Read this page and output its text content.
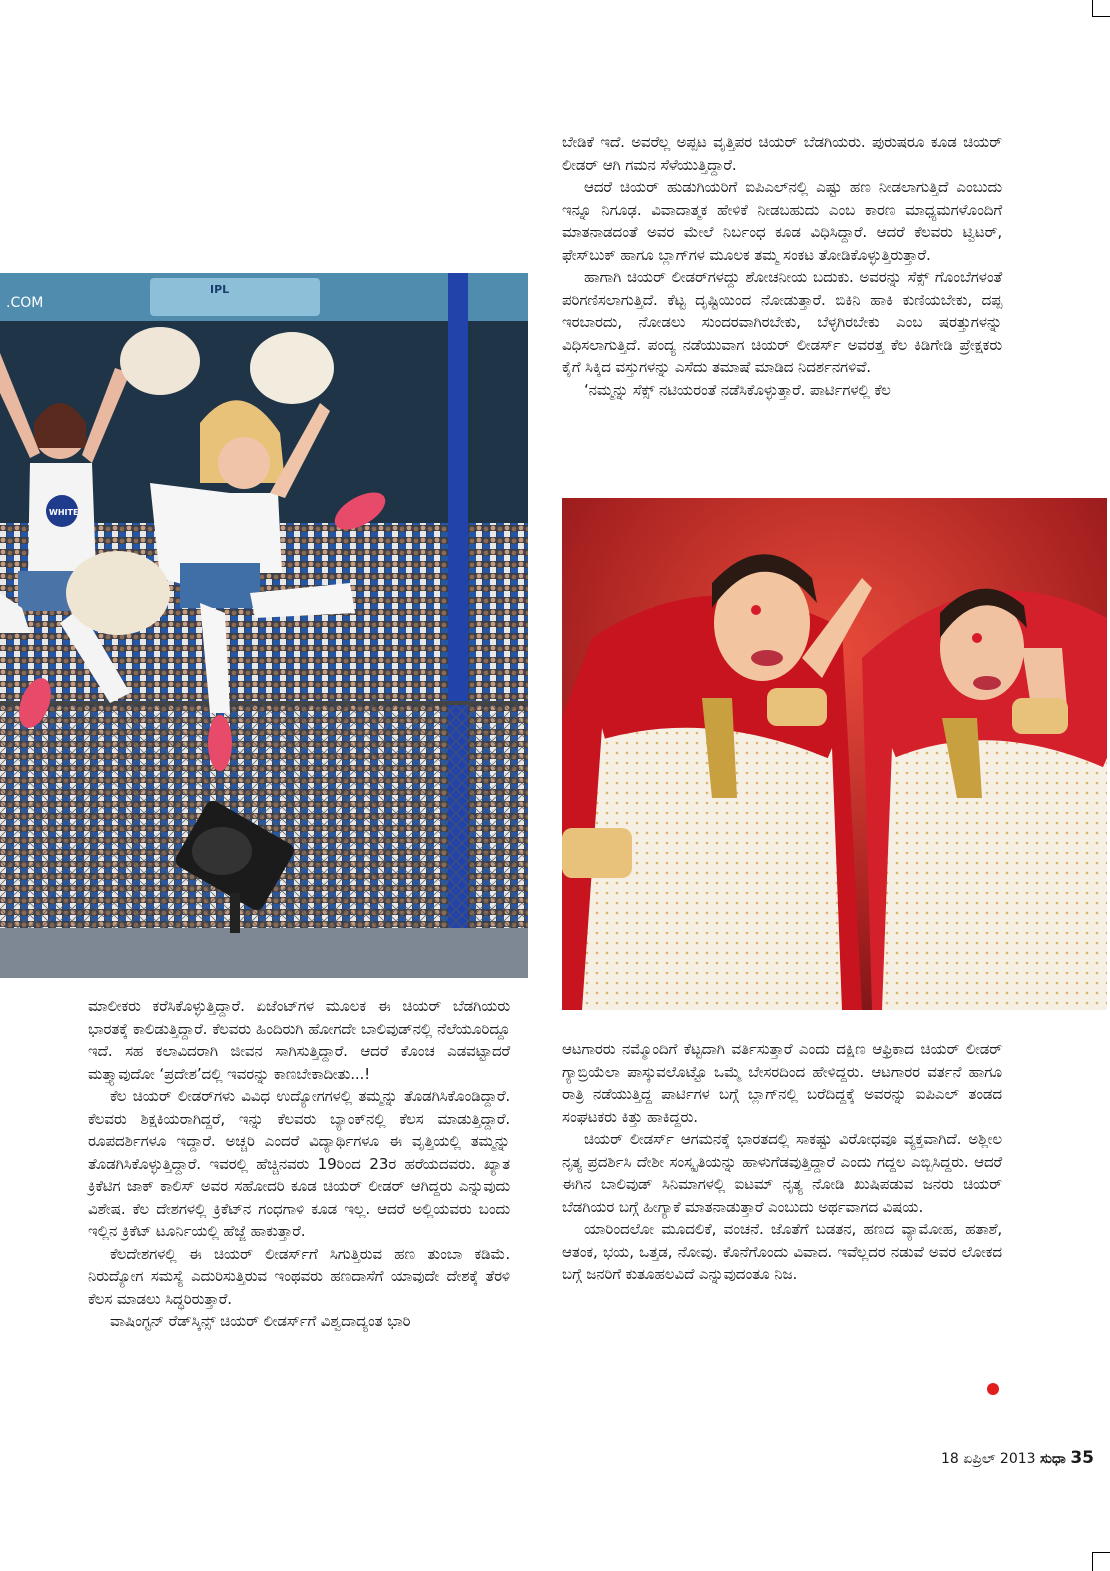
ಬೇಡಿಕೆ ಇದೆ. ಅವರೆಲ್ಲ ಅಪ್ಪಟ ವೃತ್ತಿಪರ ಚಿಯರ್ ಬೆಡಗಿಯರು. ಪುರುಷರೂ ಕೂಡ ಚಿಯರ್ ಲೀಡರ್ ಆಗಿ ಗಮನ ಸೆಳೆಯುತ್ತಿದ್ದಾರೆ.

ಆದರೆ ಚಿಯರ್ ಹುಡುಗಿಯರಿಗೆ ಐಪಿಎಲ್‌ನಲ್ಲಿ ಎಷ್ಟು ಹಣ ನೀಡಲಾಗುತ್ತಿದೆ ಎಂಬುದು ಇನ್ನೂ ನಿಗೂಢ. ವಿವಾದಾತ್ಮಕ ಹೇಳಿಕೆ ನೀಡಬಹುದು ಎಂಬ ಕಾರಣ ಮಾಧ್ಯಮಗಳೊಂದಿಗೆ ಮಾತನಾಡದಂತೆ ಅವರ ಮೇಲೆ ನಿರ್ಬಂಧ ಕೂಡ ವಿಧಿಸಿದ್ದಾರೆ. ಆದರೆ ಕೆಲವರು ಟ್ವಿಟರ್, ಫೇಸ್‌ಬುಕ್ ಹಾಗೂ ಬ್ಲಾಗ್‌ಗಳ ಮೂಲಕ ತಮ್ಮ ಸಂಕಟ ತೋಡಿಕೊಳ್ಳುತ್ತಿರುತ್ತಾರೆ.

ಹಾಗಾಗಿ ಚಿಯರ್ ಲೀಡರ್‌ಗಳದ್ದು ಶೋಚನೀಯ ಬದುಕು. ಅವರನ್ನು ಸೆಕ್ಸ್ ಗೊಂಬೆಗಳಂತೆ ಪರಿಗಣಿಸಲಾಗುತ್ತಿದೆ. ಕೆಟ್ಟ ದೃಷ್ಟಿಯಿಂದ ನೋಡುತ್ತಾರೆ. ಬಿಕಿನಿ ಹಾಕಿ ಕುಣಿಯಬೇಕು, ದಪ್ಪ ಇರಬಾರದು, ನೋಡಲು ಸುಂದರವಾಗಿರಬೇಕು, ಬೆಳ್ಳಗಿರಬೇಕು ಎಂಬ ಷರತ್ತುಗಳನ್ನು ವಿಧಿಸಲಾಗುತ್ತಿದೆ. ಪಂದ್ಯ ನಡೆಯುವಾಗ ಚಿಯರ್ ಲೀಡರ್ಸ್ ಅವರತ್ತ ಕೆಲ ಕಿಡಿಗೇಡಿ ಪ್ರೇಕ್ಷಕರು ಕೈಗೆ ಸಿಕ್ಕಿದ ವಸ್ತುಗಳನ್ನು ಎಸೆದು ತಮಾಷೆ ಮಾಡಿದ ನಿದರ್ಶನಗಳಿವೆ.

‘ನಮ್ಮನ್ನು ಸೆಕ್ಸ್ ನಟಿಯರಂತೆ ನಡೆಸಿಕೊಳ್ಳುತ್ತಾರೆ. ಪಾರ್ಟಿಗಳಲ್ಲಿ ಕೆಲ

.COM
IPL
WHITE

ಮಾಲೀಕರು ಕರೆಸಿಕೊಳ್ಳುತ್ತಿದ್ದಾರೆ. ಏಜೆಂಟ್‌ಗಳ ಮೂಲಕ ಈ ಚಿಯರ್ ಬೆಡಗಿಯರು ಭಾರತಕ್ಕೆ ಕಾಲಿಡುತ್ತಿದ್ದಾರೆ. ಕೆಲವರು ಹಿಂದಿರುಗಿ ಹೋಗದೇ ಬಾಲಿವುಡ್‌ನಲ್ಲಿ ನೆಲೆಯೂರಿದ್ದೂ ಇದೆ. ಸಹ ಕಲಾವಿದರಾಗಿ ಜೀವನ ಸಾಗಿಸುತ್ತಿದ್ದಾರೆ. ಆದರೆ ಕೊಂಚ ಎಡವಟ್ಟಾದರೆ ಮತ್ತ್ಯಾವುದೋ ‘ಪ್ರದೇಶ’ದಲ್ಲಿ ಇವರನ್ನು ಕಾಣಬೇಕಾದೀತು...!

ಕೆಲ ಚಿಯರ್ ಲೀಡರ್‌ಗಳು ವಿವಿಧ ಉದ್ಯೋಗಗಳಲ್ಲಿ ತಮ್ಮನ್ನು ತೊಡಗಿಸಿಕೊಂಡಿದ್ದಾರೆ. ಕೆಲವರು ಶಿಕ್ಷಕಿಯರಾಗಿದ್ದರೆ, ಇನ್ನು ಕೆಲವರು ಬ್ಯಾಂಕ್‌ನಲ್ಲಿ ಕೆಲಸ ಮಾಡುತ್ತಿದ್ದಾರೆ. ರೂಪದರ್ಶಿಗಳೂ ಇದ್ದಾರೆ. ಅಚ್ಚರಿ ಎಂದರೆ ವಿದ್ಯಾರ್ಥಿಗಳೂ ಈ ವೃತ್ತಿಯಲ್ಲಿ ತಮ್ಮನ್ನು ತೊಡಗಿಸಿಕೊಳ್ಳುತ್ತಿದ್ದಾರೆ. ಇವರಲ್ಲಿ ಹೆಚ್ಚಿನವರು 19ರಿಂದ 23ರ ಹರೆಯದವರು. ಖ್ಯಾತ ಕ್ರಿಕೆಟಿಗ ಜಾಕ್ ಕಾಲಿಸ್ ಅವರ ಸಹೋದರಿ ಕೂಡ ಚಿಯರ್ ಲೀಡರ್ ಆಗಿದ್ದರು ಎನ್ನುವುದು ವಿಶೇಷ. ಕೆಲ ದೇಶಗಳಲ್ಲಿ ಕ್ರಿಕೆಟ್‌ನ ಗಂಧಗಾಳಿ ಕೂಡ ಇಲ್ಲ. ಆದರೆ ಅಲ್ಲಿಯವರು ಬಂದು ಇಲ್ಲಿನ ಕ್ರಿಕೆಟ್ ಟೂರ್ನಿಯಲ್ಲಿ ಹೆಜ್ಜೆ ಹಾಕುತ್ತಾರೆ.

ಕೆಲದೇಶಗಳಲ್ಲಿ ಈ ಚಿಯರ್ ಲೀಡರ್ಸ್‌ಗೆ ಸಿಗುತ್ತಿರುವ ಹಣ ತುಂಬಾ ಕಡಿಮೆ. ನಿರುದ್ಯೋಗ ಸಮಸ್ಯೆ ಎದುರಿಸುತ್ತಿರುವ ಇಂಥವರು ಹಣದಾಸೆಗೆ ಯಾವುದೇ ದೇಶಕ್ಕೆ ತೆರಳಿ ಕೆಲಸ ಮಾಡಲು ಸಿದ್ಧರಿರುತ್ತಾರೆ.

ವಾಷಿಂಗ್ಟನ್ ರೆಡ್‌ಸ್ಕಿನ್ಸ್ ಚಿಯರ್ ಲೀಡರ್ಸ್‌ಗೆ ವಿಶ್ವದಾದ್ಯಂತ ಭಾರಿ

ಆಟಗಾರರು ನಮ್ಮೊಂದಿಗೆ ಕೆಟ್ಟದಾಗಿ ವರ್ತಿಸುತ್ತಾರೆ ಎಂದು ದಕ್ಷಿಣ ಆಫ್ರಿಕಾದ ಚಿಯರ್ ಲೀಡರ್ ಗ್ಯಾಬ್ರಿಯೆಲಾ ಪಾಸ್ಕುವಲೊಟ್ಟೊ ಒಮ್ಮೆ ಬೇಸರದಿಂದ ಹೇಳಿದ್ದರು. ಆಟಗಾರರ ವರ್ತನೆ ಹಾಗೂ ರಾತ್ರಿ ನಡೆಯುತ್ತಿದ್ದ ಪಾರ್ಟಿಗಳ ಬಗ್ಗೆ ಬ್ಲಾಗ್‌ನಲ್ಲಿ ಬರೆದಿದ್ದಕ್ಕೆ ಅವರನ್ನು ಐಪಿಎಲ್ ತಂಡದ ಸಂಘಟಕರು ಕಿತ್ತು ಹಾಕಿದ್ದರು.

ಚಿಯರ್ ಲೀಡರ್ಸ್ ಆಗಮನಕ್ಕೆ ಭಾರತದಲ್ಲಿ ಸಾಕಷ್ಟು ವಿರೋಧವೂ ವ್ಯಕ್ತವಾಗಿದೆ. ಅಶ್ಲೀಲ ನೃತ್ಯ ಪ್ರದರ್ಶಿಸಿ ದೇಶೀ ಸಂಸ್ಕೃತಿಯನ್ನು ಹಾಳುಗೆಡವುತ್ತಿದ್ದಾರೆ ಎಂದು ಗದ್ದಲ ಎಬ್ಬಿಸಿದ್ದರು. ಆದರೆ ಈಗಿನ ಬಾಲಿವುಡ್ ಸಿನಿಮಾಗಳಲ್ಲಿ ಐಟಮ್ ನೃತ್ಯ ನೋಡಿ ಖುಷಿಪಡುವ ಜನರು ಚಿಯರ್ ಬೆಡಗಿಯರ ಬಗ್ಗೆ ಹೀಗ್ಯಾಕೆ ಮಾತನಾಡುತ್ತಾರೆ ಎಂಬುದು ಅರ್ಥವಾಗದ ವಿಷಯ.

ಯಾರಿಂದಲೋ ಮೂದಲಿಕೆ, ವಂಚನೆ. ಜೊತೆಗೆ ಬಡತನ, ಹಣದ ವ್ಯಾಮೋಹ, ಹತಾಶೆ, ಆತಂಕ, ಭಯ, ಒತ್ತಡ, ನೋವು. ಕೊನೆಗೊಂದು ವಿವಾದ. ಇವೆಲ್ಲದರ ನಡುವೆ ಅವರ ಲೋಕದ ಬಗ್ಗೆ ಜನರಿಗೆ ಕುತೂಹಲವಿದೆ ಎನ್ನುವುದಂತೂ ನಿಜ.

18 ಏಪ್ರಿಲ್ 2013 ಸುಧಾ 35
